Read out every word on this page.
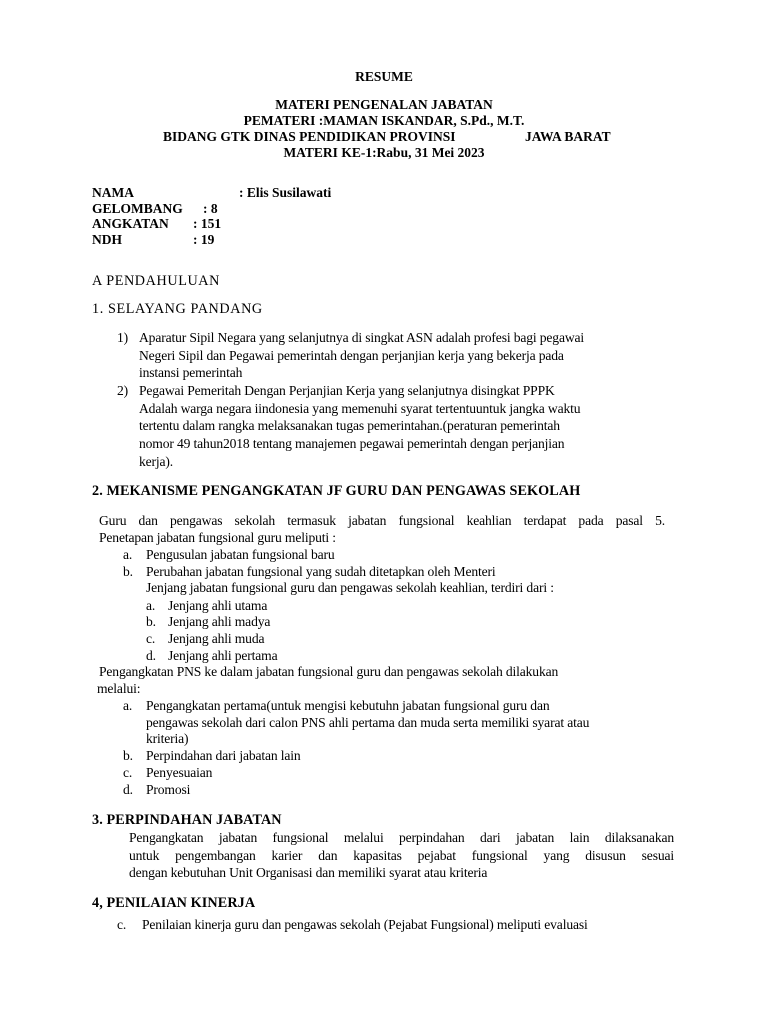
RESUME
MATERI PENGENALAN JABATAN
PEMATERI :MAMAN ISKANDAR, S.Pd., M.T.
BIDANG GTK DINAS PENDIDIKAN PROVINSI	JAWA BARAT
MATERI KE-1:Rabu, 31 Mei 2023
NAMA	: Elis Susilawati
GELOMBANG : 8
ANGKATAN : 151
NDH	: 19
A PENDAHULUAN
1. SELAYANG PANDANG
1) Aparatur Sipil Negara yang selanjutnya di singkat ASN adalah profesi bagi pegawai
Negeri Sipil dan Pegawai pemerintah dengan perjanjian kerja yang bekerja pada
instansi pemerintah
2) Pegawai Pemeritah Dengan Perjanjian Kerja yang selanjutnya disingkat PPPK
Adalah warga negara iindonesia yang memenuhi syarat tertentuuntuk jangka waktu
tertentu dalam rangka melaksanakan tugas pemerintahan.(peraturan pemerintah
nomor 49 tahun2018 tentang manajemen pegawai pemerintah dengan perjanjian
kerja).
2. MEKANISME PENGANGKATAN JF GURU DAN PENGAWAS SEKOLAH
Guru dan pengawas sekolah termasuk jabatan fungsional keahlian terdapat pada pasal 5.
Penetapan jabatan fungsional guru meliputi :
a. Pengusulan jabatan fungsional baru
b. Perubahan jabatan fungsional yang sudah ditetapkan oleh Menteri
Jenjang jabatan fungsional guru dan pengawas sekolah keahlian, terdiri dari :
a. Jenjang ahli utama
b. Jenjang ahli madya
c. Jenjang ahli muda
d. Jenjang ahli pertama
Pengangkatan PNS ke dalam jabatan fungsional guru dan pengawas sekolah dilakukan
melalui:
a. Pengangkatan pertama(untuk mengisi kebutuhn jabatan fungsional guru dan
pengawas sekolah dari calon PNS ahli pertama dan muda serta memiliki syarat atau
kriteria)
b. Perpindahan dari jabatan lain
c. Penyesuaian
d. Promosi
3. PERPINDAHAN JABATAN
Pengangkatan jabatan fungsional melalui perpindahan dari jabatan lain dilaksanakan
untuk pengembangan karier dan kapasitas pejabat fungsional yang disusun sesuai
dengan kebutuhan Unit Organisasi dan memiliki syarat atau kriteria
4, PENILAIAN KINERJA
c. Penilaian kinerja guru dan pengawas sekolah (Pejabat Fungsional) meliputi evaluasi
